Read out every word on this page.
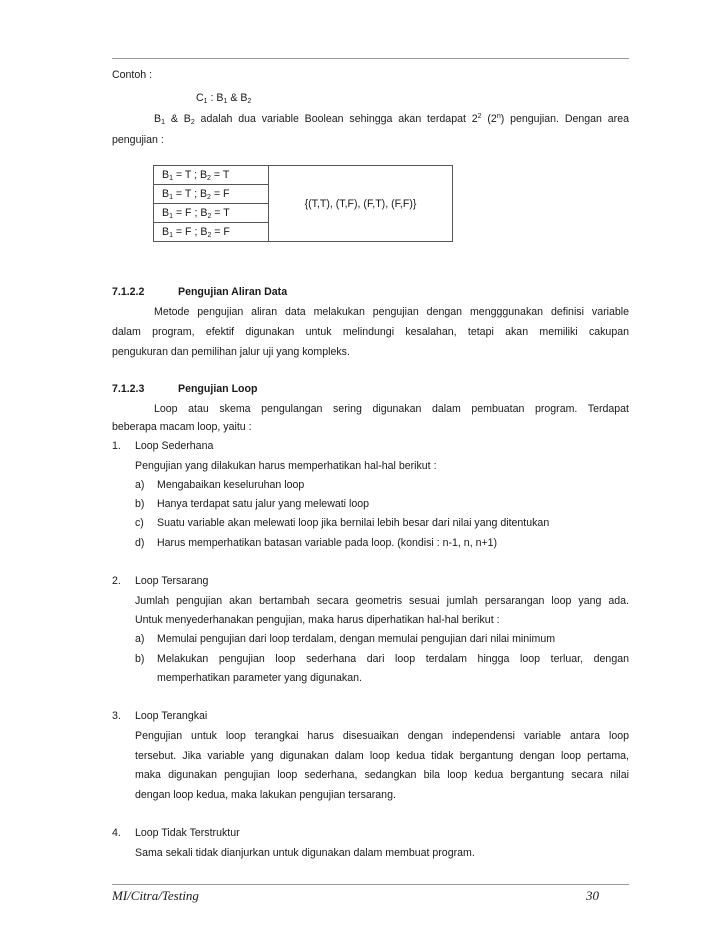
Contoh :
$C_1$ : $B_1$ & $B_2$
$B_1$ & $B_2$ adalah dua variable Boolean sehingga akan terdapat $2^2$ (2$^n$) pengujian. Dengan area
pengujian :
$B_1 = T$ ; $B_2 = T$	{(T,T), (T,F), (F,T), (F,F)}
$B_1 = T$ ; $B_2 = F$
$B_1 = F$ ; $B_2 = T$
$B_1 = F$ ; $B_2 = F$
7.1.2.2	Pengujian Aliran Data
Metode pengujian aliran data melakukan pengujian dengan mengggunakan definisi variable
dalam program, efektif digunakan untuk melindungi kesalahan, tetapi akan memiliki cakupan
pengukuran dan pemilihan jalur uji yang kompleks.
7.1.2.3	Pengujian Loop
Loop atau skema pengulangan sering digunakan dalam pembuatan program. Terdapat
beberapa macam loop, yaitu :
1. Loop Sederhana
Pengujian yang dilakukan harus memperhatikan hal-hal berikut :
a) Mengabaikan keseluruhan loop
b) Hanya terdapat satu jalur yang melewati loop
c) Suatu variable akan melewati loop jika bernilai lebih besar dari nilai yang ditentukan
d) Harus memperhatikan batasan variable pada loop. (kondisi : n-1, n, n+1)
2. Loop Tersarang
Jumlah pengujian akan bertambah secara geometris sesuai jumlah persarangan loop yang ada.
Untuk menyederhanakan pengujian, maka harus diperhatikan hal-hal berikut :
a) Memulai pengujian dari loop terdalam, dengan memulai pengujian dari nilai minimum
b) Melakukan pengujian loop sederhana dari loop terdalam hingga loop terluar, dengan
memperhatikan parameter yang digunakan.
3. Loop Terangkai
Pengujian untuk loop terangkai harus disesuaikan dengan independensi variable antara loop
tersebut. Jika variable yang digunakan dalam loop kedua tidak bergantung dengan loop pertama,
maka digunakan pengujian loop sederhana, sedangkan bila loop kedua bergantung secara nilai
dengan loop kedua, maka lakukan pengujian tersarang.
4. Loop Tidak Terstruktur
Sama sekali tidak dianjurkan untuk digunakan dalam membuat program.
MI/Citra/Testing	30
